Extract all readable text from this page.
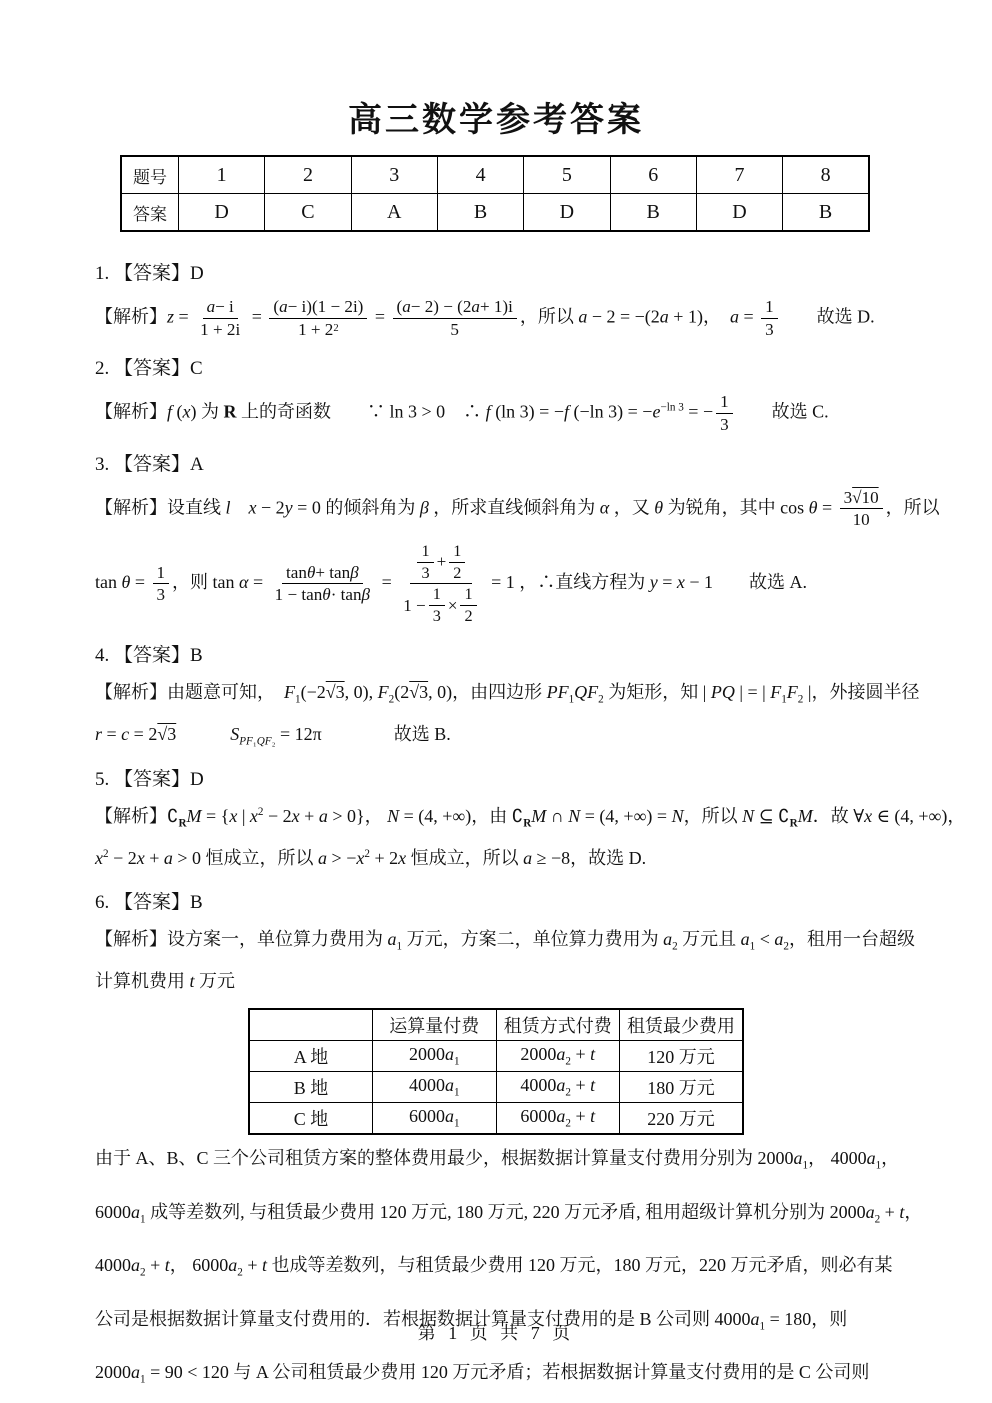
高三数学参考答案
题号	1	2	3	4	5	6	7	8
答案	D	C	A	B	D	B	D	B
1. 【答案】D
【解析】$z = \frac{a - i}{1 + 2i} = \frac{( a - i)(1 - 2i)}{1 + 2 2} = \frac{( a - 2) - (2 a + 1)i}{5}$ ，所以 a − 2 = −(2a + 1)，　$a = \frac{1}{3}$ 　　故选 D.
2. 【答案】C
【解析】f (x) 为 R 上的奇函数　　∵ ln 3 > 0　∴ f (ln 3) = −f (−ln $3) = -e^{-ln 3}$ = − $\frac{1}{3}$ 　　故选 C.
3. 【答案】A
【解析】设直线 l　 x − 2y = 0 的倾斜角为 β ，所求直线倾斜角为 α ，又 θ 为锐角，其中 $\cos \theta = \frac{3 √10}{10}$ ，所以
$\tan \theta = \frac{1}{3}$ ，则 $\tan \alpha = \frac{\text{tan θ + tan β}}{\text{1 − tan θ · tan β}} = \frac{\frac{1}{3} + \frac{1}{2}}{1 - \frac{1}{3} \times \frac{1}{2}} = 1$ ，∴直线方程为 y = x − 1　　故选 A.
4. 【答案】B
【解析】由题意可知，　$F_1(-2√3$, 0), $F_2(2√3$, 0)，由四边形 $PF_1QF_2$ 为矩形，知 | PQ | = | $F_1F_2$ |，外接圆半径
r = c = 2√3　　　	$S_{PF_1QF_2} = 12\pi$　　　　故选 B.
5. 【答案】D
【解析】$∁_RM = \{x$ | $x^2 - 2x + a > 0$}， N = (4, +∞)，由 $∁_RM$ ∩ N = (4, +∞) = N，所以 N ⊆ $∁_RM$．故 ∀x ∈ (4, +∞)，
$x^2 - 2x + a > 0$ 恒成立，所以 $a > -x^2 + 2x$ 恒成立，所以 a ≥ −8，故选 D.
6. 【答案】B
【解析】设方案一，单位算力费用为 $a_1$ 万元，方案二，单位算力费用为 $a_2$ 万元且 $a_1 < a_2$，租用一台超级
计算机费用 t 万元
	运算量付费	租赁方式付费	租赁最少费用
A 地	$2000a_1$	$2000a_2 + t$	120 万元
B 地	$4000a_1$	$4000a_2 + t$	180 万元
C 地	$6000a_1$	$6000a_2 + t$	220 万元

由于 A、B、C 三个公司租赁方案的整体费用最少，根据数据计算量支付费用分别为 $2000a_1$， $4000a_1$，

$6000a_1$ 成等差数列, 与租赁最少费用 120 万元, 180 万元, 220 万元矛盾, 租用超级计算机分别为 $2000a_2 + t$，

$4000a_2 + t$， $6000a_2 + t$ 也成等差数列，与租赁最少费用 120 万元，180 万元，220 万元矛盾，则必有某

公司是根据数据计算量支付费用的．若根据数据计算量支付费用的是 B 公司则 $4000a_1 = 180$，则

$2000a_1 = 90 < 120$ 与 A 公司租赁最少费用 120 万元矛盾；若根据数据计算量支付费用的是 C 公司则

第 1 页 共 7 页
